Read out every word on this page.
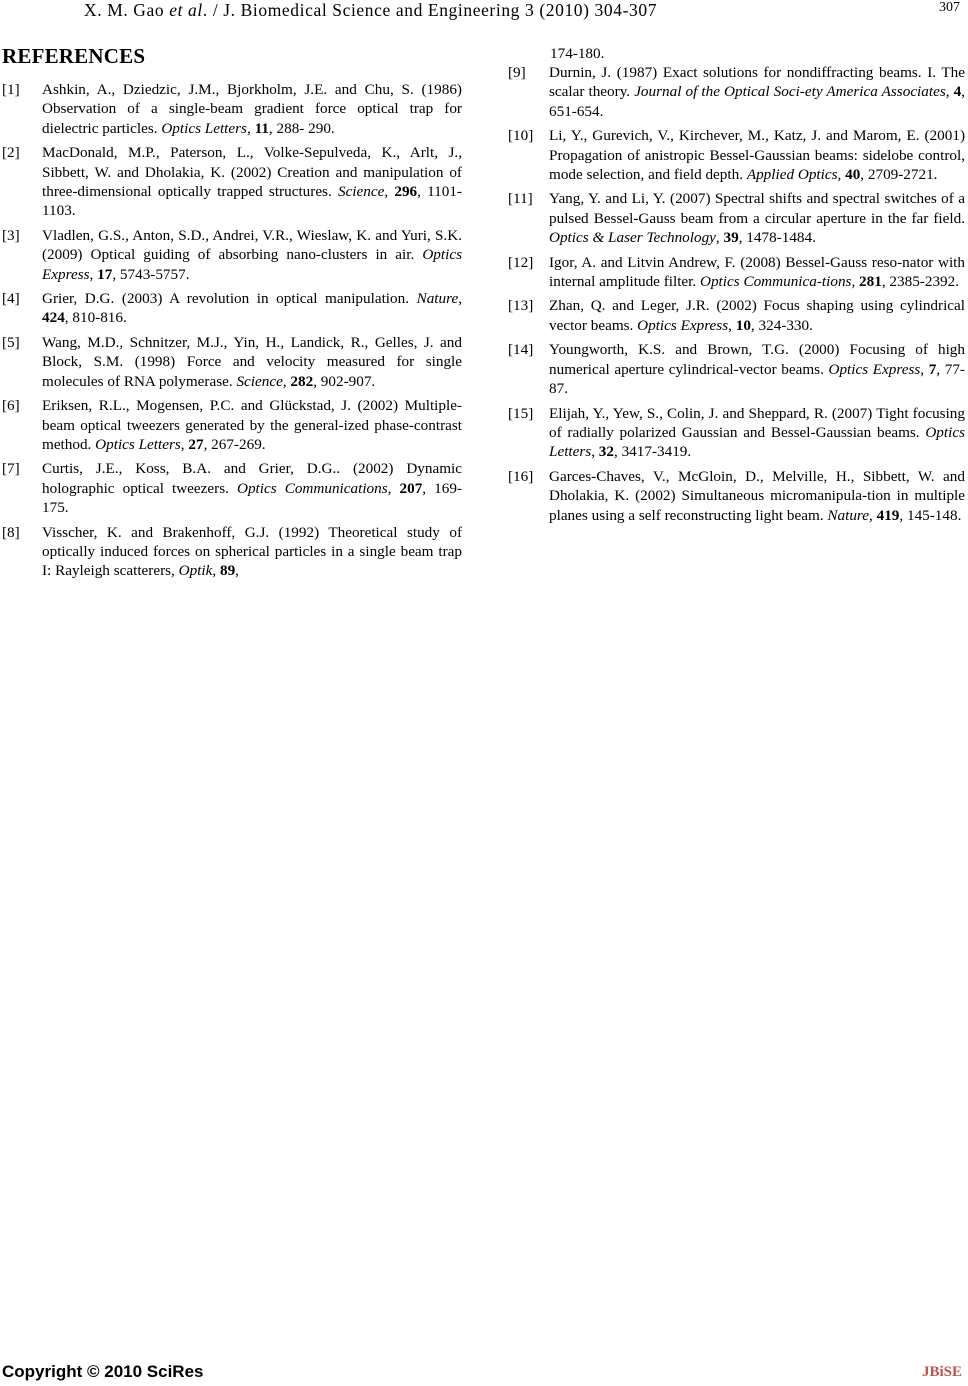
X. M. Gao et al. / J. Biomedical Science and Engineering 3 (2010) 304-307	307
REFERENCES	174-180.
[1] Ashkin, A., Dziedzic, J.M., Bjorkholm, J.E. and Chu, S. (1986) Observation of a single-beam gradient force optical trap for dielectric particles. Optics Letters, 11, 288- 290.
[2] MacDonald, M.P., Paterson, L., Volke-Sepulveda, K., Arlt, J., Sibbett, W. and Dholakia, K. (2002) Creation and manipulation of three-dimensional optically trapped structures. Science, 296, 1101-1103.
[3] Vladlen, G.S., Anton, S.D., Andrei, V.R., Wieslaw, K. and Yuri, S.K. (2009) Optical guiding of absorbing nano-clusters in air. Optics Express, 17, 5743-5757.
[4] Grier, D.G. (2003) A revolution in optical manipulation. Nature, 424, 810-816.
[5] Wang, M.D., Schnitzer, M.J., Yin, H., Landick, R., Gelles, J. and Block, S.M. (1998) Force and velocity measured for single molecules of RNA polymerase. Science, 282, 902-907.
[6] Eriksen, R.L., Mogensen, P.C. and Glückstad, J. (2002) Multiple-beam optical tweezers generated by the general-ized phase-contrast method. Optics Letters, 27, 267-269.
[7] Curtis, J.E., Koss, B.A. and Grier, D.G.. (2002) Dynamic holographic optical tweezers. Optics Communications, 207, 169-175.
[8] Visscher, K. and Brakenhoff, G.J. (1992) Theoretical study of optically induced forces on spherical particles in a single beam trap I: Rayleigh scatterers, Optik, 89,
[9] Durnin, J. (1987) Exact solutions for nondiffracting beams. I. The scalar theory. Journal of the Optical Soci-ety America Associates, 4, 651-654.
[10] Li, Y., Gurevich, V., Kirchever, M., Katz, J. and Marom, E. (2001) Propagation of anistropic Bessel-Gaussian beams: sidelobe control, mode selection, and field depth. Applied Optics, 40, 2709-2721.
[11] Yang, Y. and Li, Y. (2007) Spectral shifts and spectral switches of a pulsed Bessel-Gauss beam from a circular aperture in the far field. Optics & Laser Technology, 39, 1478-1484.
[12] Igor, A. and Litvin Andrew, F. (2008) Bessel-Gauss reso-nator with internal amplitude filter. Optics Communica-tions, 281, 2385-2392.
[13] Zhan, Q. and Leger, J.R. (2002) Focus shaping using cylindrical vector beams. Optics Express, 10, 324-330.
[14] Youngworth, K.S. and Brown, T.G. (2000) Focusing of high numerical aperture cylindrical-vector beams. Optics Express, 7, 77-87.
[15] Elijah, Y., Yew, S., Colin, J. and Sheppard, R. (2007) Tight focusing of radially polarized Gaussian and Bessel-Gaussian beams. Optics Letters, 32, 3417-3419.
[16] Garces-Chaves, V., McGloin, D., Melville, H., Sibbett, W. and Dholakia, K. (2002) Simultaneous micromanipula-tion in multiple planes using a self reconstructing light beam. Nature, 419, 145-148.
Copyright © 2010 SciRes	JBiSE
